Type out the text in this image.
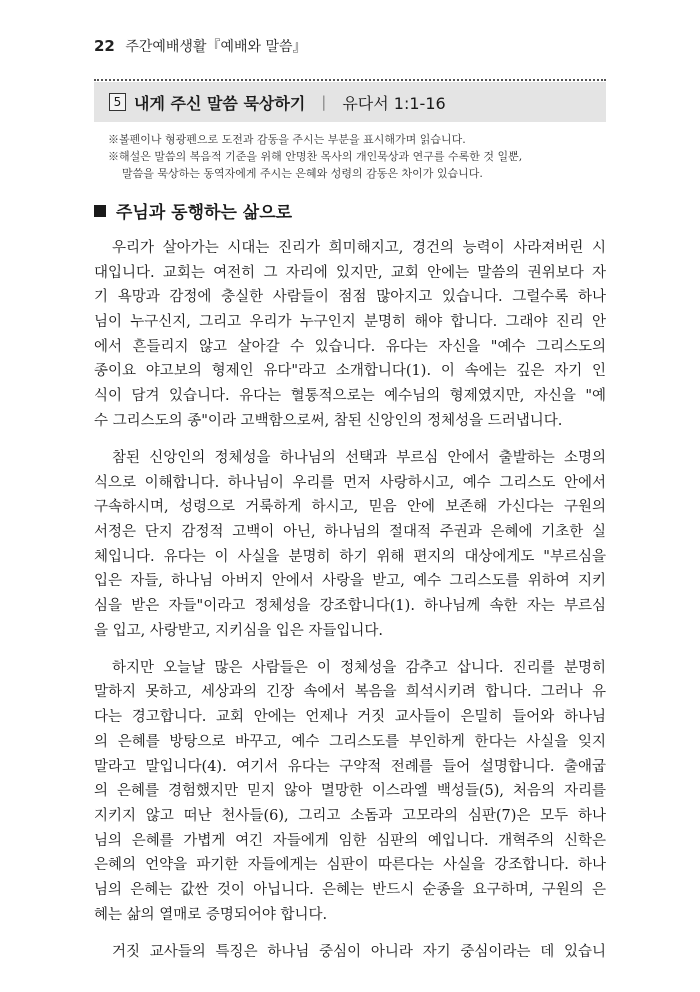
22 주간예배생활『예배와 말씀』
5 내게 주신 말씀 묵상하기 | 유다서 1:1-16
※볼펜이나 형광펜으로 도전과 감동을 주시는 부분을 표시해가며 읽습니다.
※해설은 말씀의 복음적 기준을 위해 안명찬 목사의 개인묵상과 연구를 수록한 것 일뿐,
말씀을 묵상하는 동역자에게 주시는 은혜와 성령의 감동은 차이가 있습니다.
주님과 동행하는 삶으로
우리가 살아가는 시대는 진리가 희미해지고, 경건의 능력이 사라져버린 시
대입니다. 교회는 여전히 그 자리에 있지만, 교회 안에는 말씀의 권위보다 자
기 욕망과 감정에 충실한 사람들이 점점 많아지고 있습니다. 그럴수록 하나
님이 누구신지, 그리고 우리가 누구인지 분명히 해야 합니다. 그래야 진리 안
에서 흔들리지 않고 살아갈 수 있습니다. 유다는 자신을 "예수 그리스도의
종이요 야고보의 형제인 유다"라고 소개합니다(1). 이 속에는 깊은 자기 인
식이 담겨 있습니다. 유다는 혈통적으로는 예수님의 형제였지만, 자신을 "예
수 그리스도의 종"이라 고백함으로써, 참된 신앙인의 정체성을 드러냅니다.
참된 신앙인의 정체성을 하나님의 선택과 부르심 안에서 출발하는 소명의
식으로 이해합니다. 하나님이 우리를 먼저 사랑하시고, 예수 그리스도 안에서
구속하시며, 성령으로 거룩하게 하시고, 믿음 안에 보존해 가신다는 구원의
서정은 단지 감정적 고백이 아닌, 하나님의 절대적 주권과 은혜에 기초한 실
체입니다. 유다는 이 사실을 분명히 하기 위해 편지의 대상에게도 "부르심을
입은 자들, 하나님 아버지 안에서 사랑을 받고, 예수 그리스도를 위하여 지키
심을 받은 자들"이라고 정체성을 강조합니다(1). 하나님께 속한 자는 부르심
을 입고, 사랑받고, 지키심을 입은 자들입니다.
하지만 오늘날 많은 사람들은 이 정체성을 감추고 삽니다. 진리를 분명히
말하지 못하고, 세상과의 긴장 속에서 복음을 희석시키려 합니다. 그러나 유
다는 경고합니다. 교회 안에는 언제나 거짓 교사들이 은밀히 들어와 하나님
의 은혜를 방탕으로 바꾸고, 예수 그리스도를 부인하게 한다는 사실을 잊지
말라고 말입니다(4). 여기서 유다는 구약적 전례를 들어 설명합니다. 출애굽
의 은혜를 경험했지만 믿지 않아 멸망한 이스라엘 백성들(5), 처음의 자리를
지키지 않고 떠난 천사들(6), 그리고 소돔과 고모라의 심판(7)은 모두 하나
님의 은혜를 가볍게 여긴 자들에게 임한 심판의 예입니다. 개혁주의 신학은
은혜의 언약을 파기한 자들에게는 심판이 따른다는 사실을 강조합니다. 하나
님의 은혜는 값싼 것이 아닙니다. 은혜는 반드시 순종을 요구하며, 구원의 은
혜는 삶의 열매로 증명되어야 합니다.
거짓 교사들의 특징은 하나님 중심이 아니라 자기 중심이라는 데 있습니
